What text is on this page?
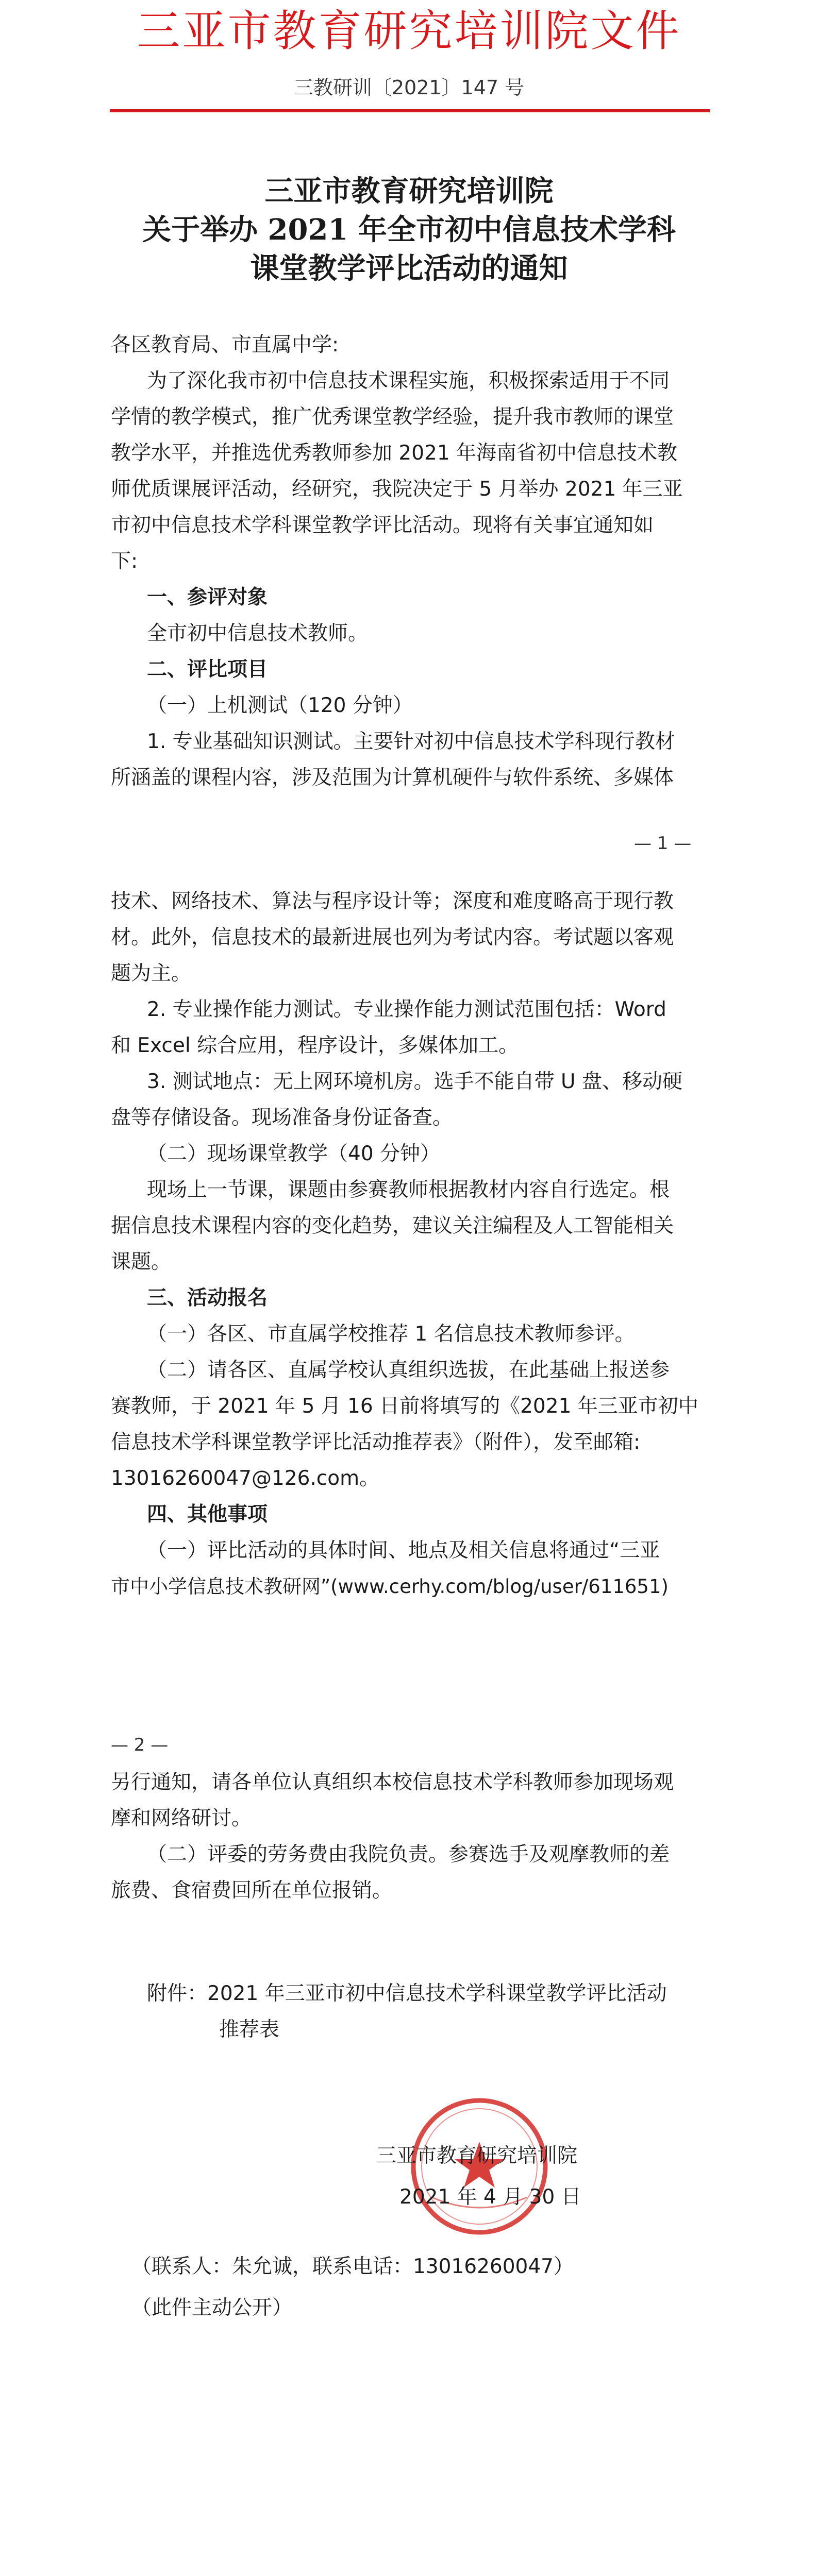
三亚市教育研究培训院文件
三教研训〔2021〕147 号
三亚市教育研究培训院
关于举办 2021 年全市初中信息技术学科
课堂教学评比活动的通知
各区教育局、市直属中学:
为了深化我市初中信息技术课程实施，积极探索适用于不同
学情的教学模式，推广优秀课堂教学经验，提升我市教师的课堂
教学水平，并推选优秀教师参加 2021 年海南省初中信息技术教
师优质课展评活动，经研究，我院决定于 5 月举办 2021 年三亚
市初中信息技术学科课堂教学评比活动。现将有关事宜通知如
下:
一、参评对象
全市初中信息技术教师。
二、评比项目
（一）上机测试（120 分钟）
1. 专业基础知识测试。主要针对初中信息技术学科现行教材
所涵盖的课程内容，涉及范围为计算机硬件与软件系统、多媒体
— 1 —
技术、网络技术、算法与程序设计等；深度和难度略高于现行教
材。此外，信息技术的最新进展也列为考试内容。考试题以客观
题为主。
2. 专业操作能力测试。专业操作能力测试范围包括：Word
和 Excel 综合应用，程序设计，多媒体加工。
3. 测试地点：无上网环境机房。选手不能自带 U 盘、移动硬
盘等存储设备。现场准备身份证备查。
（二）现场课堂教学（40 分钟）
现场上一节课，课题由参赛教师根据教材内容自行选定。根
据信息技术课程内容的变化趋势，建议关注编程及人工智能相关
课题。
三、活动报名
（一）各区、市直属学校推荐 1 名信息技术教师参评。
（二）请各区、直属学校认真组织选拔，在此基础上报送参
赛教师，于 2021 年 5 月 16 日前将填写的《2021 年三亚市初中
信息技术学科课堂教学评比活动推荐表》（附件），发至邮箱:
13016260047@126.com。
四、其他事项
（一）评比活动的具体时间、地点及相关信息将通过“三亚
市中小学信息技术教研网”(www.cerhy.com/blog/user/611651)
— 2 —
另行通知，请各单位认真组织本校信息技术学科教师参加现场观
摩和网络研讨。
（二）评委的劳务费由我院负责。参赛选手及观摩教师的差
旅费、食宿费回所在单位报销。
附件：2021 年三亚市初中信息技术学科课堂教学评比活动
推荐表
三亚市教育研究培训院
2021 年 4 月 30 日
（联系人：朱允诚，联系电话：13016260047）
（此件主动公开）
